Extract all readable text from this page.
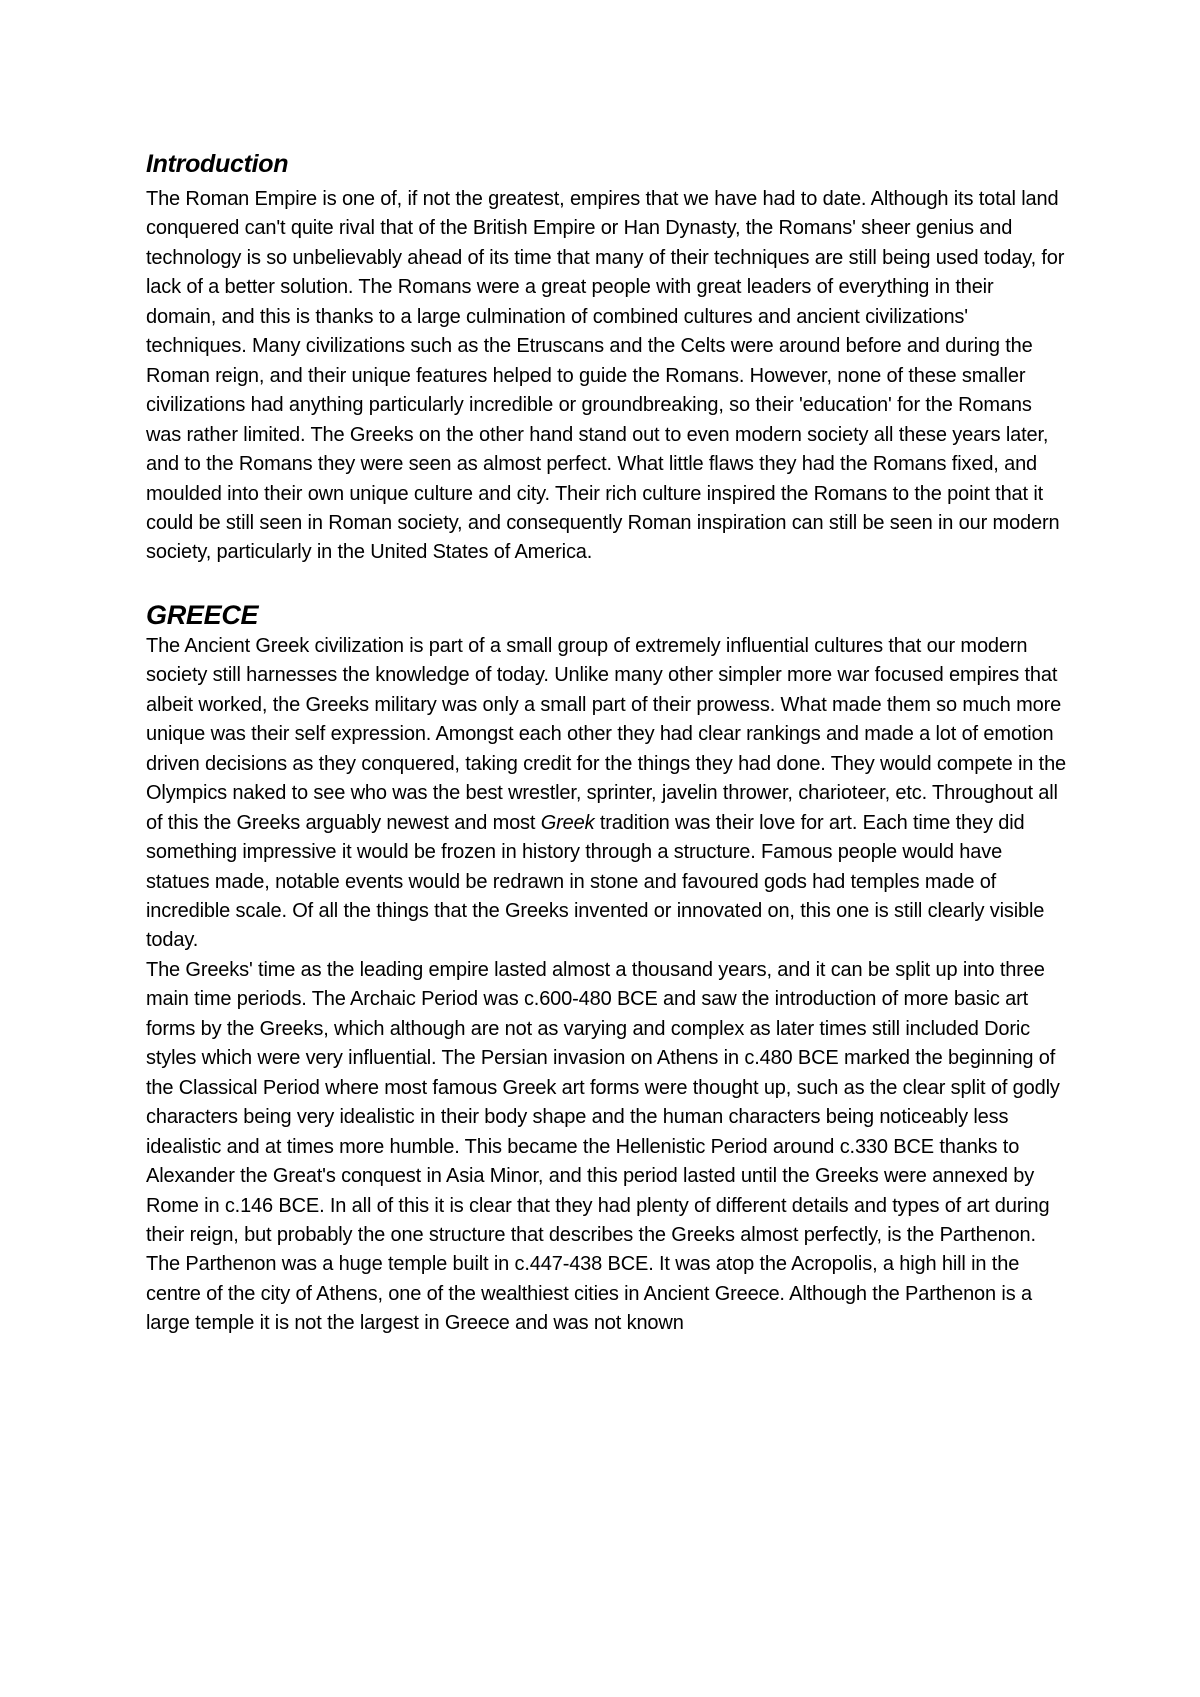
Introduction

The Roman Empire is one of, if not the greatest, empires that we have had to date. Although its total land conquered can't quite rival that of the British Empire or Han Dynasty, the Romans' sheer genius and technology is so unbelievably ahead of its time that many of their techniques are still being used today, for lack of a better solution. The Romans were a great people with great leaders of everything in their domain, and this is thanks to a large culmination of combined cultures and ancient civilizations' techniques. Many civilizations such as the Etruscans and the Celts were around before and during the Roman reign, and their unique features helped to guide the Romans. However, none of these smaller civilizations had anything particularly incredible or groundbreaking, so their 'education' for the Romans was rather limited. The Greeks on the other hand stand out to even modern society all these years later, and to the Romans they were seen as almost perfect. What little flaws they had the Romans fixed, and moulded into their own unique culture and city. Their rich culture inspired the Romans to the point that it could be still seen in Roman society, and consequently Roman inspiration can still be seen in our modern society, particularly in the United States of America.

GREECE

The Ancient Greek civilization is part of a small group of extremely influential cultures that our modern society still harnesses the knowledge of today. Unlike many other simpler more war focused empires that albeit worked, the Greeks military was only a small part of their prowess. What made them so much more unique was their self expression. Amongst each other they had clear rankings and made a lot of emotion driven decisions as they conquered, taking credit for the things they had done. They would compete in the Olympics naked to see who was the best wrestler, sprinter, javelin thrower, charioteer, etc. Throughout all of this the Greeks arguably newest and most Greek tradition was their love for art. Each time they did something impressive it would be frozen in history through a structure. Famous people would have statues made, notable events would be redrawn in stone and favoured gods had temples made of incredible scale. Of all the things that the Greeks invented or innovated on, this one is still clearly visible today.

The Greeks' time as the leading empire lasted almost a thousand years, and it can be split up into three main time periods. The Archaic Period was c.600-480 BCE and saw the introduction of more basic art forms by the Greeks, which although are not as varying and complex as later times still included Doric styles which were very influential. The Persian invasion on Athens in c.480 BCE marked the beginning of the Classical Period where most famous Greek art forms were thought up, such as the clear split of godly characters being very idealistic in their body shape and the human characters being noticeably less idealistic and at times more humble. This became the Hellenistic Period around c.330 BCE thanks to Alexander the Great's conquest in Asia Minor, and this period lasted until the Greeks were annexed by Rome in c.146 BCE. In all of this it is clear that they had plenty of different details and types of art during their reign, but probably the one structure that describes the Greeks almost perfectly, is the Parthenon.

The Parthenon was a huge temple built in c.447-438 BCE. It was atop the Acropolis, a high hill in the centre of the city of Athens, one of the wealthiest cities in Ancient Greece. Although the Parthenon is a large temple it is not the largest in Greece and was not known
